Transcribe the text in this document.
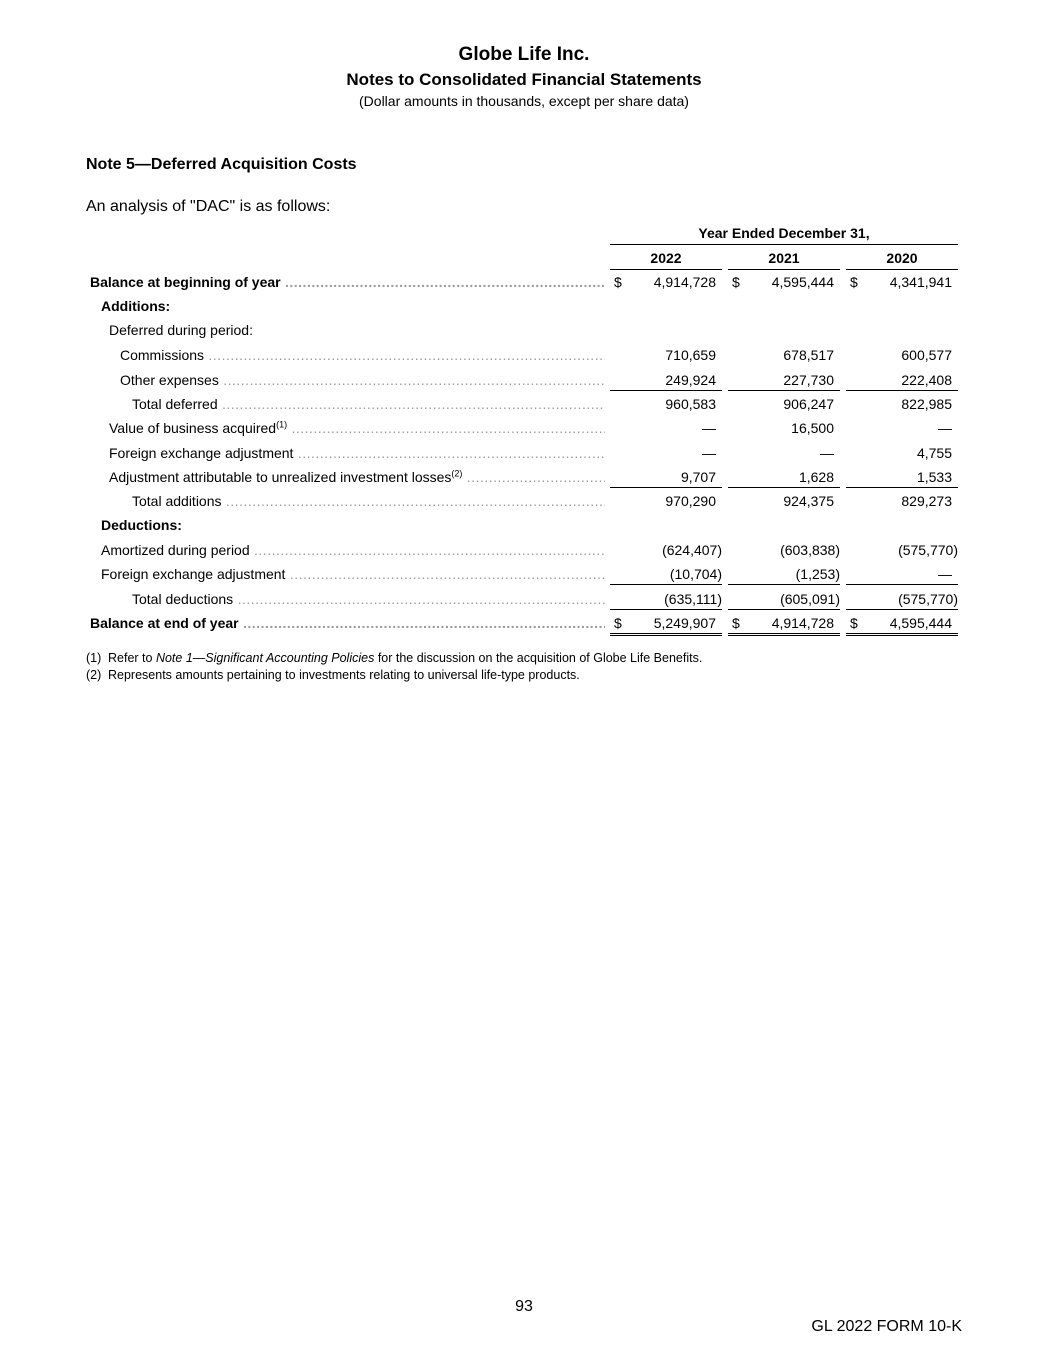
Globe Life Inc.
Notes to Consolidated Financial Statements
(Dollar amounts in thousands, except per share data)
Note 5—Deferred Acquisition Costs
An analysis of "DAC" is as follows:
Year Ended December 31,
2022	2021	2020
Balance at beginning of year .....	$ 4,914,728 $ 4,595,444 $ 4,341,941
Additions:
Deferred during period:
Commissions .....	710,659	678,517	600,577
Other expenses .....	249,924	227,730	222,408
Total deferred .....	960,583	906,247	822,985
Value of business acquired$^{(1)}$ .....	—	16,500	—
Foreign exchange adjustment .....	—	—	4,755
Adjustment attributable to unrealized investment losses$^{(2)}$ .....	9,707	1,628	1,533
Total additions .....	970,290	924,375	829,273
Deductions:
Amortized during period .....	(624,407)	(603,838)	(575,770)
Foreign exchange adjustment .....	(10,704)	(1,253)	—
Total deductions .....	(635,111)	(605,091)	(575,770)
Balance at end of year .....	$ 5,249,907 $ 4,914,728 $ 4,595,444
(1) Refer to Note 1—Significant Accounting Policies for the discussion on the acquisition of Globe Life Benefits.
(2) Represents amounts pertaining to investments relating to universal life-type products.
93
GL 2022 FORM 10-K
